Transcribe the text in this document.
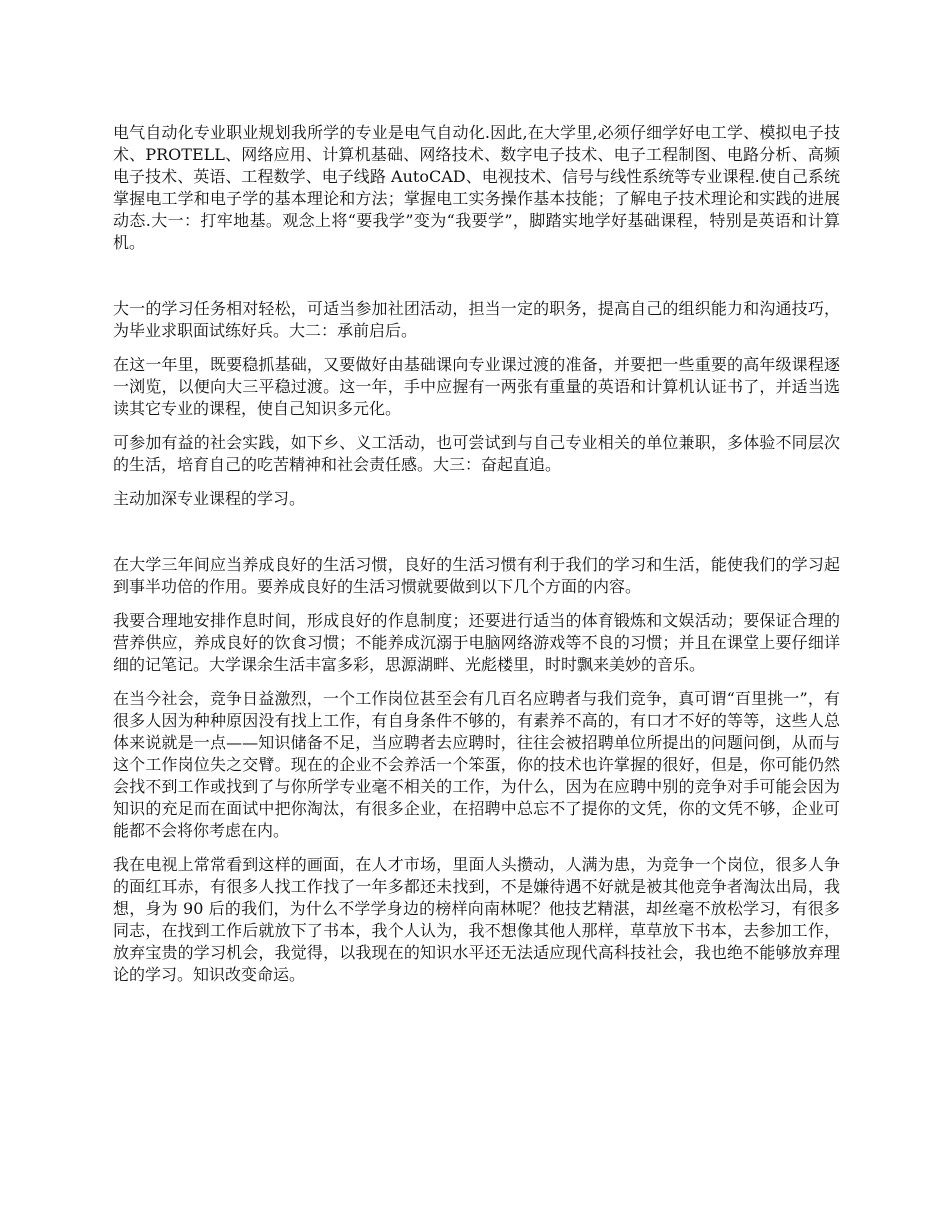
电气自动化专业职业规划我所学的专业是电气自动化.因此,在大学里,必须仔细学好电工学、模拟电子技术、PROTELL、网络应用、计算机基础、网络技术、数字电子技术、电子工程制图、电路分析、高频电子技术、英语、工程数学、电子线路 AutoCAD、电视技术、信号与线性系统等专业课程.使自己系统掌握电工学和电子学的基本理论和方法；掌握电工实务操作基本技能；了解电子技术理论和实践的进展动态.大一：打牢地基。观念上将“要我学”变为“我要学”，脚踏实地学好基础课程，特别是英语和计算机。

大一的学习任务相对轻松，可适当参加社团活动，担当一定的职务，提高自己的组织能力和沟通技巧，为毕业求职面试练好兵。大二：承前启后。

在这一年里，既要稳抓基础，又要做好由基础课向专业课过渡的准备，并要把一些重要的高年级课程逐一浏览，以便向大三平稳过渡。这一年，手中应握有一两张有重量的英语和计算机认证书了，并适当选读其它专业的课程，使自己知识多元化。

可参加有益的社会实践，如下乡、义工活动，也可尝试到与自己专业相关的单位兼职，多体验不同层次的生活，培育自己的吃苦精神和社会责任感。大三：奋起直追。

主动加深专业课程的学习。

在大学三年间应当养成良好的生活习惯，良好的生活习惯有利于我们的学习和生活，能使我们的学习起到事半功倍的作用。要养成良好的生活习惯就要做到以下几个方面的内容。

我要合理地安排作息时间，形成良好的作息制度；还要进行适当的体育锻炼和文娱活动；要保证合理的营养供应，养成良好的饮食习惯；不能养成沉溺于电脑网络游戏等不良的习惯；并且在课堂上要仔细详细的记笔记。大学课余生活丰富多彩，思源湖畔、光彪楼里，时时飘来美妙的音乐。

在当今社会，竞争日益激烈，一个工作岗位甚至会有几百名应聘者与我们竞争，真可谓“百里挑一”，有很多人因为种种原因没有找上工作，有自身条件不够的，有素养不高的，有口才不好的等等，这些人总体来说就是一点——知识储备不足，当应聘者去应聘时，往往会被招聘单位所提出的问题问倒，从而与这个工作岗位失之交臂。现在的企业不会养活一个笨蛋，你的技术也许掌握的很好，但是，你可能仍然会找不到工作或找到了与你所学专业毫不相关的工作，为什么，因为在应聘中别的竞争对手可能会因为知识的充足而在面试中把你淘汰，有很多企业，在招聘中总忘不了提你的文凭，你的文凭不够，企业可能都不会将你考虑在内。

我在电视上常常看到这样的画面，在人才市场，里面人头攒动，人满为患，为竞争一个岗位，很多人争的面红耳赤，有很多人找工作找了一年多都还未找到，不是嫌待遇不好就是被其他竞争者淘汰出局，我想，身为 90 后的我们，为什么不学学身边的榜样向南林呢？他技艺精湛，却丝毫不放松学习，有很多同志，在找到工作后就放下了书本，我个人认为，我不想像其他人那样，草草放下书本，去参加工作，放弃宝贵的学习机会，我觉得，以我现在的知识水平还无法适应现代高科技社会，我也绝不能够放弃理论的学习。知识改变命运。
